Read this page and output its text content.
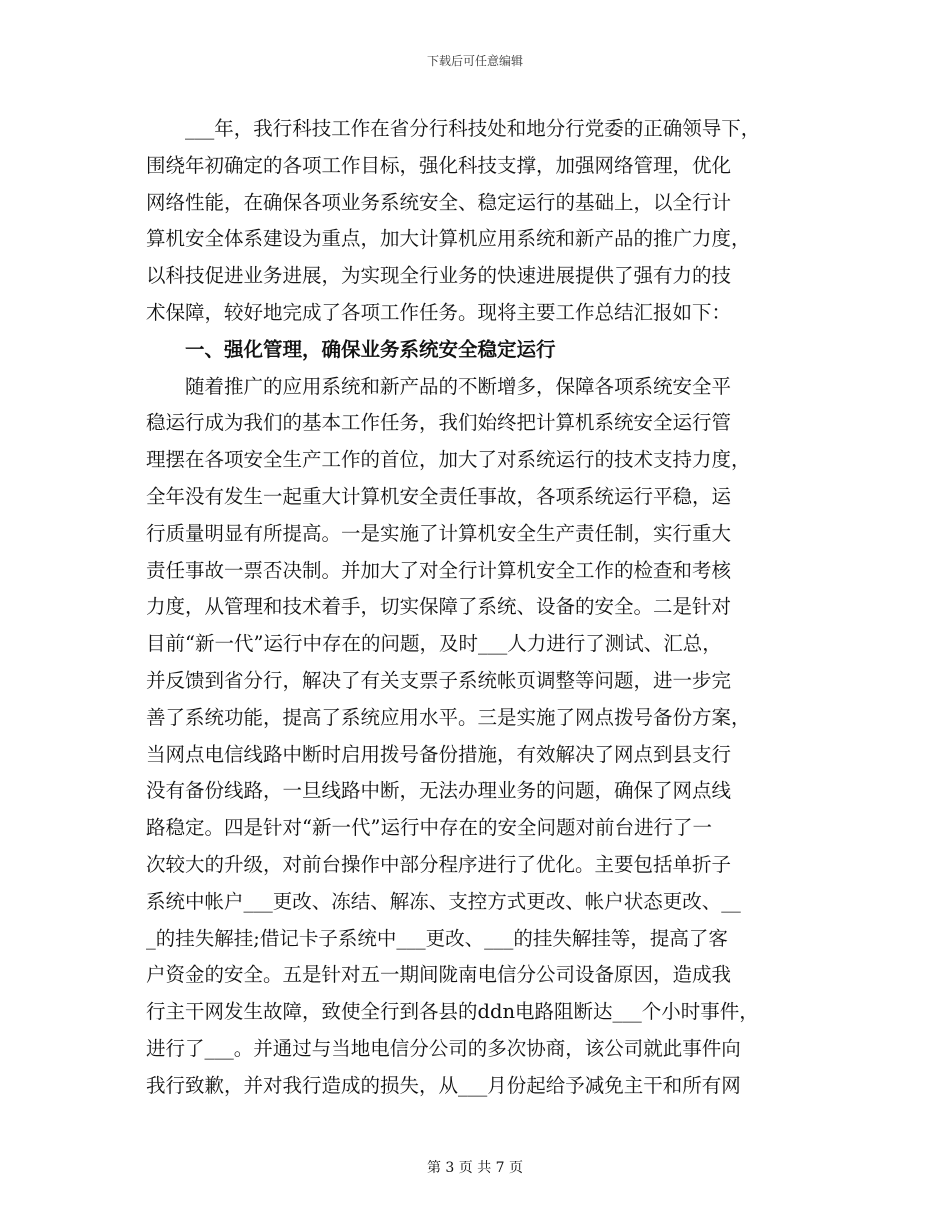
下载后可任意编辑
___年，我行科技工作在省分行科技处和地分行党委的正确领导下，
围绕年初确定的各项工作目标，强化科技支撑，加强网络管理，优化
网络性能，在确保各项业务系统安全、稳定运行的基础上，以全行计
算机安全体系建设为重点，加大计算机应用系统和新产品的推广力度，
以科技促进业务进展，为实现全行业务的快速进展提供了强有力的技
术保障，较好地完成了各项工作任务。现将主要工作总结汇报如下：
一、强化管理，确保业务系统安全稳定运行
随着推广的应用系统和新产品的不断增多，保障各项系统安全平
稳运行成为我们的基本工作任务，我们始终把计算机系统安全运行管
理摆在各项安全生产工作的首位，加大了对系统运行的技术支持力度，
全年没有发生一起重大计算机安全责任事故，各项系统运行平稳，运
行质量明显有所提高。一是实施了计算机安全生产责任制，实行重大
责任事故一票否决制。并加大了对全行计算机安全工作的检查和考核
力度，从管理和技术着手，切实保障了系统、设备的安全。二是针对
目前“新一代”运行中存在的问题，及时___人力进行了测试、汇总，
并反馈到省分行，解决了有关支票子系统帐页调整等问题，进一步完
善了系统功能，提高了系统应用水平。三是实施了网点拨号备份方案，
当网点电信线路中断时启用拨号备份措施，有效解决了网点到县支行
没有备份线路，一旦线路中断，无法办理业务的问题，确保了网点线
路稳定。四是针对“新一代”运行中存在的安全问题对前台进行了一
次较大的升级，对前台操作中部分程序进行了优化。主要包括单折子
系统中帐户___更改、冻结、解冻、支控方式更改、帐户状态更改、__
_的挂失解挂;借记卡子系统中___更改、___的挂失解挂等，提高了客
户资金的安全。五是针对五一期间陇南电信分公司设备原因，造成我
行主干网发生故障，致使全行到各县的ddn电路阻断达___个小时事件，
进行了___。并通过与当地电信分公司的多次协商，该公司就此事件向
我行致歉，并对我行造成的损失，从___月份起给予减免主干和所有网
第 3 页 共 7 页
